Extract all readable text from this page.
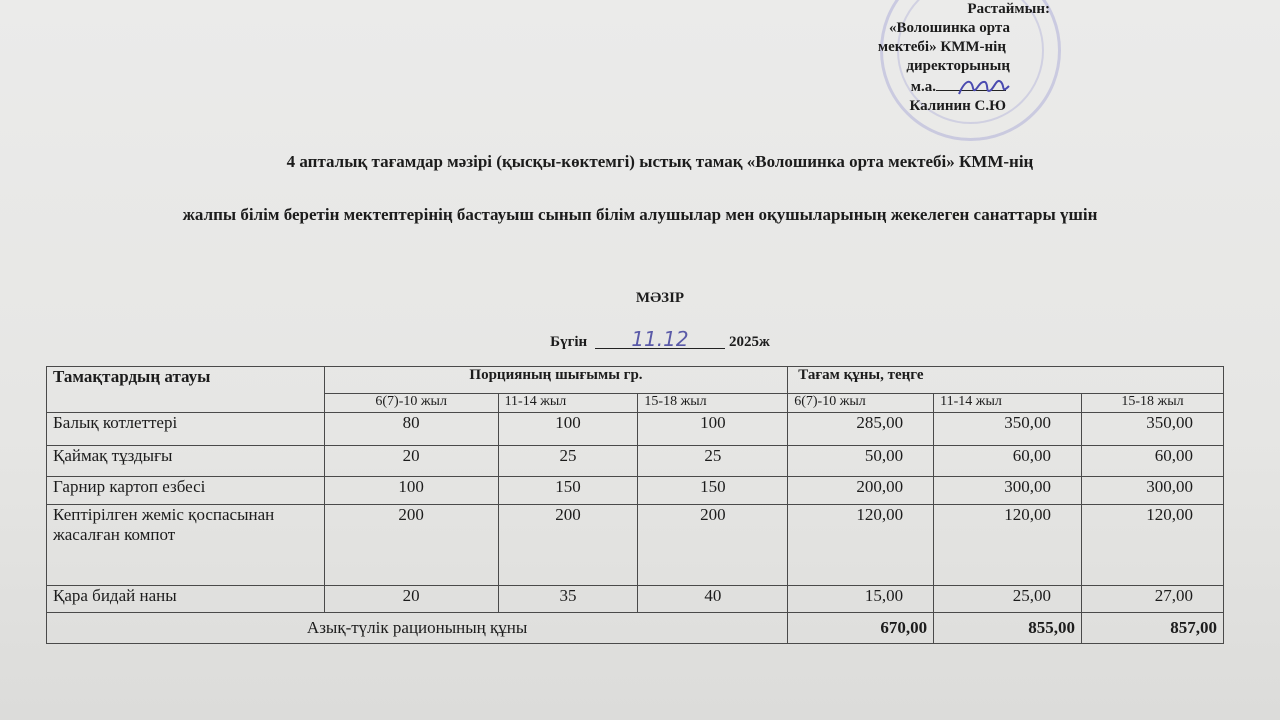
Растаймын:
«Волошинка орта
мектебі» КММ-нің
директорының
м.а.
Калинин С.Ю
4 апталық тағамдар мәзірі (қысқы-көктемгі) ыстық тамақ «Волошинка орта мектебі» КММ-нің
жалпы білім беретін мектептерінің бастауыш сынып білім алушылар мен оқушыларының жекелеген санаттары үшін
МӘЗІР
Бүгін 11.12	2025ж
Тамақтардың атауы	Порцияның шығымы гр.			Тағам құны, теңге		
	6(7)-10 жыл	11-14 жыл	15-18 жыл	6(7)-10 жыл	11-14 жыл	15-18 жыл
Балық котлеттері	80	100	100	285,00	350,00	350,00
Қаймақ тұздығы	20	25	25	50,00	60,00	60,00
Гарнир картоп езбесі	100	150	150	200,00	300,00	300,00
Кептірілген жеміс қоспасынан жасалған компот	200	200	200	120,00	120,00	120,00
Қара бидай наны	20	35	40	15,00	25,00	27,00
Азық-түлік рационының құны				670,00	855,00	857,00
